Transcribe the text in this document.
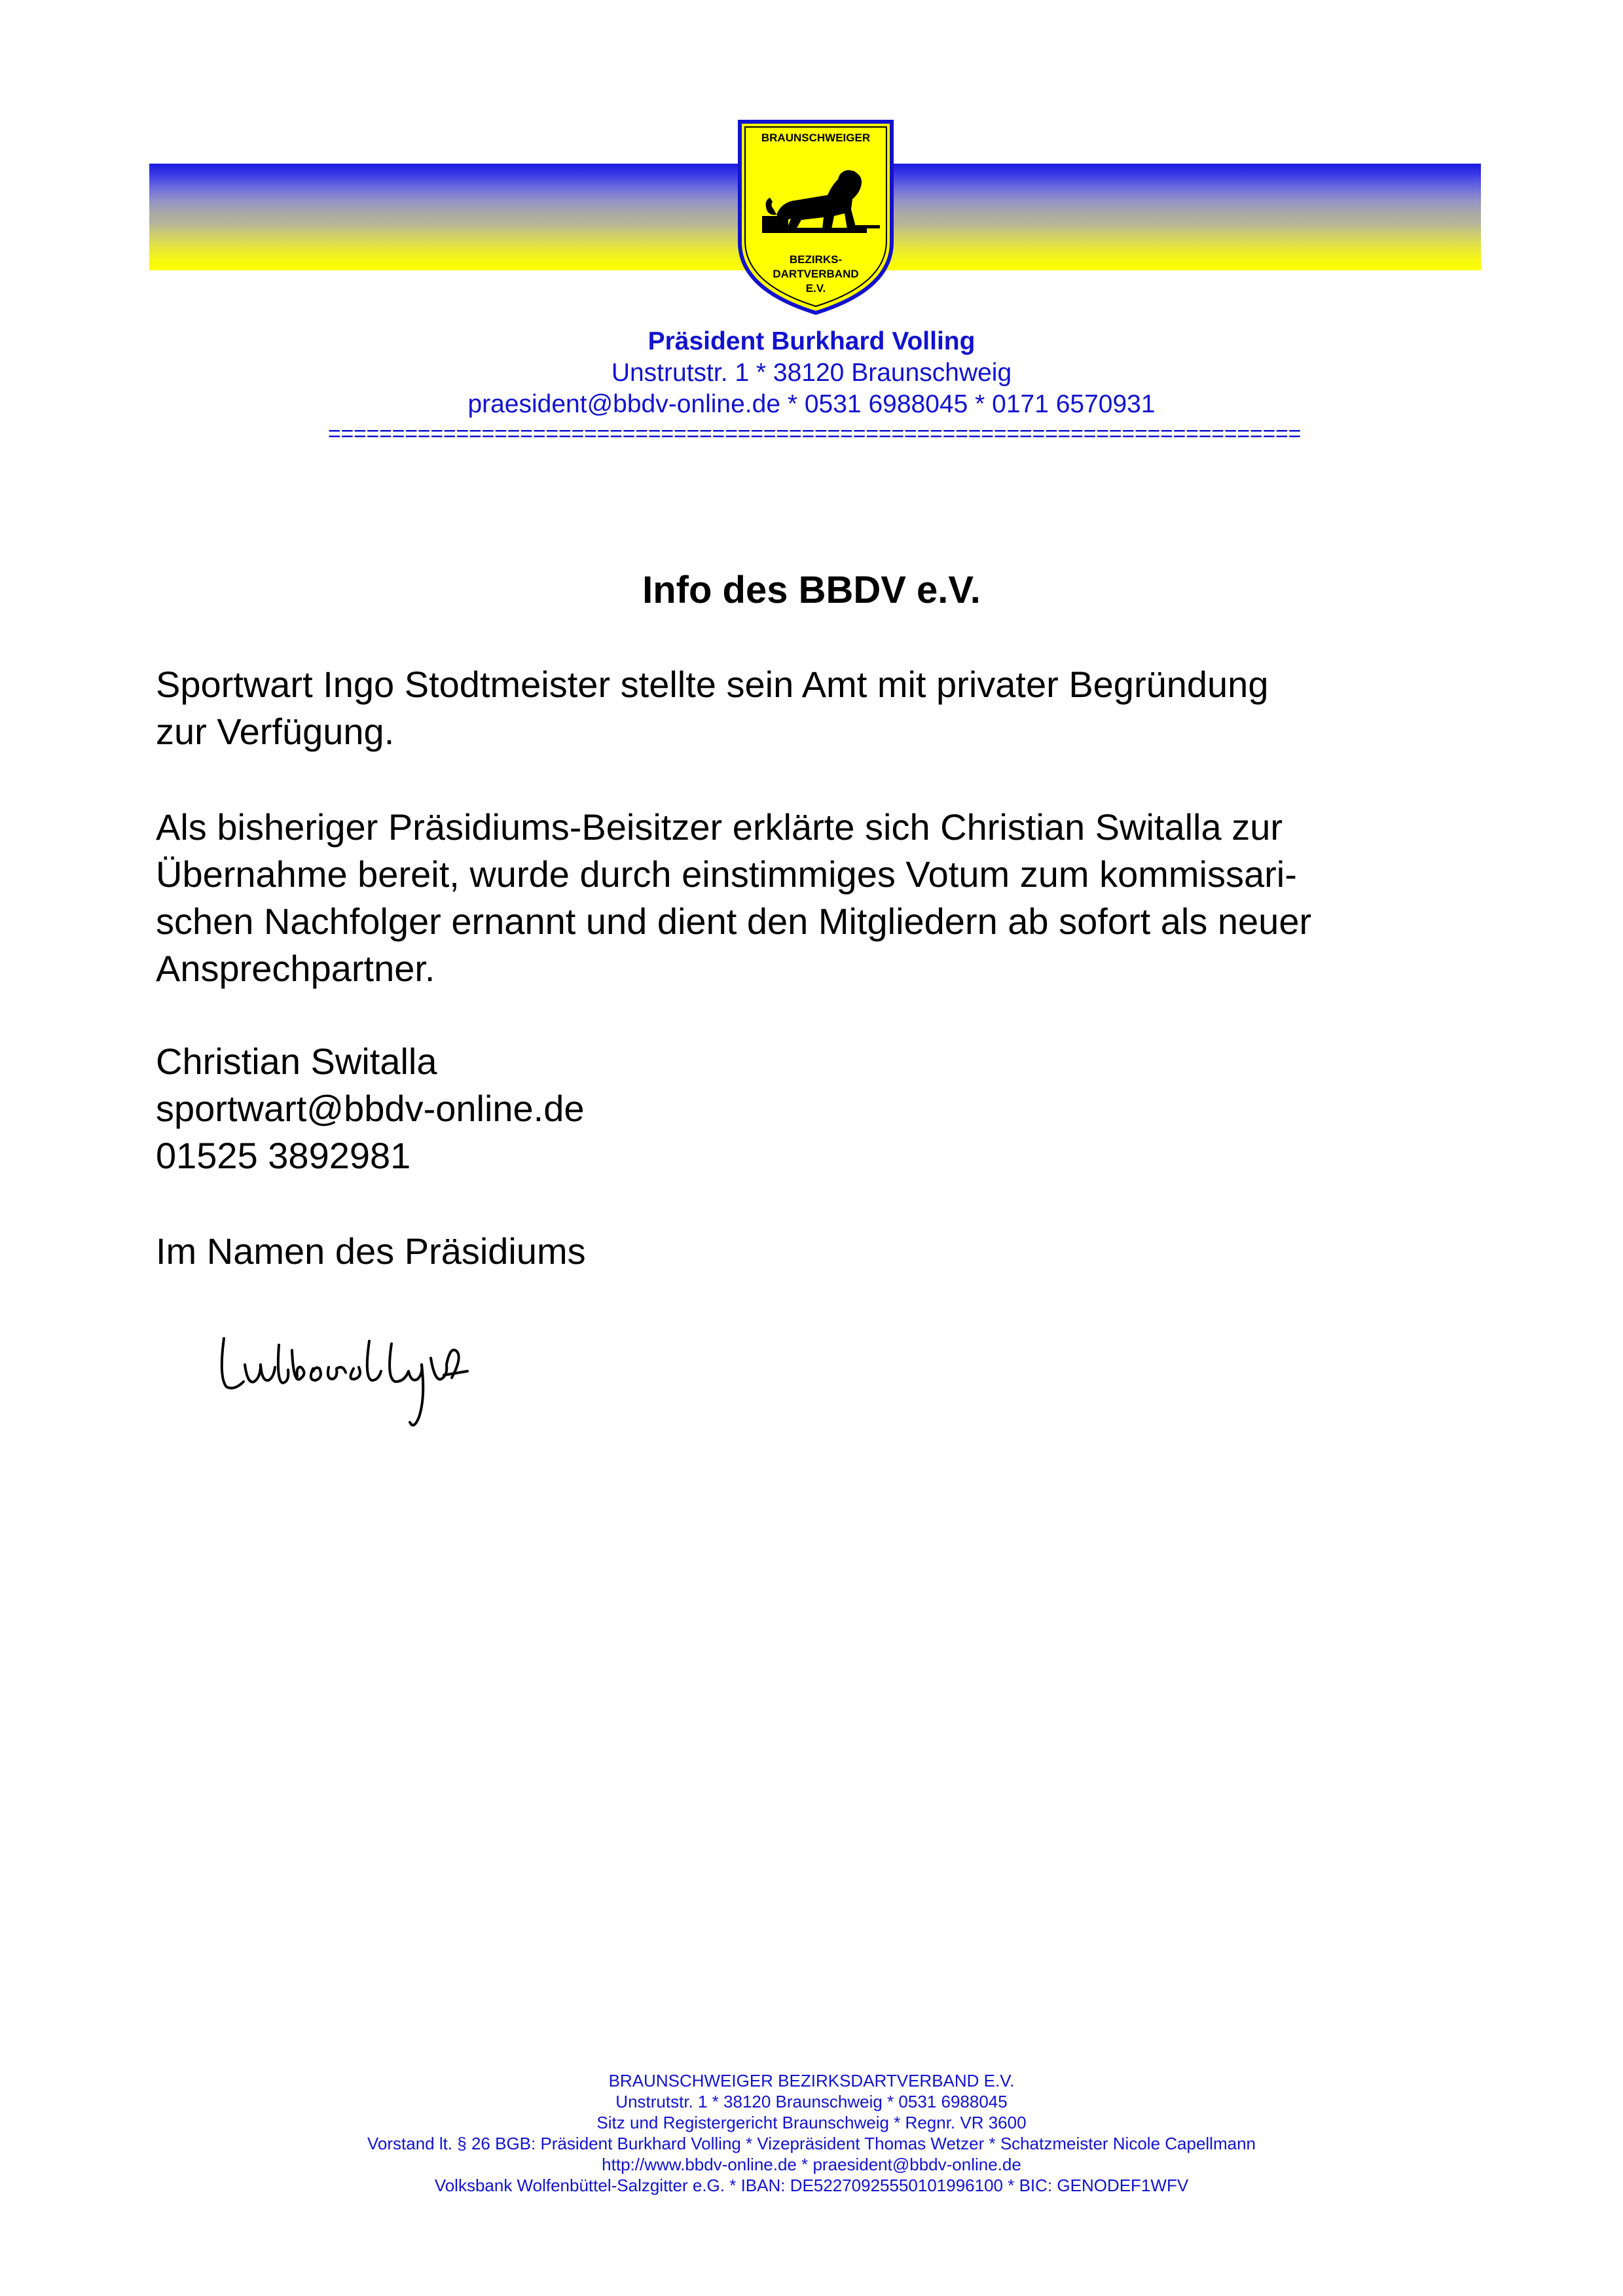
BRAUNSCHWEIGER
BEZIRKS-
DARTVERBAND
E.V.
Präsident Burkhard Volling
Unstrutstr. 1 * 38120 Braunschweig
praesident@bbdv-online.de * 0531 6988045 * 0171 6570931
============================================================================
Info des BBDV e.V.
Sportwart Ingo Stodtmeister stellte sein Amt mit privater Begründung
zur Verfügung.
Als bisheriger Präsidiums-Beisitzer erklärte sich Christian Switalla zur
Übernahme bereit, wurde durch einstimmiges Votum zum kommissari-
schen Nachfolger ernannt und dient den Mitgliedern ab sofort als neuer
Ansprechpartner.
Christian Switalla
sportwart@bbdv-online.de
01525 3892981
Im Namen des Präsidiums
BRAUNSCHWEIGER BEZIRKSDARTVERBAND E.V.
Unstrutstr. 1 * 38120 Braunschweig * 0531 6988045
Sitz und Registergericht Braunschweig * Regnr. VR 3600
Vorstand lt. § 26 BGB: Präsident Burkhard Volling * Vizepräsident Thomas Wetzer * Schatzmeister Nicole Capellmann
http://www.bbdv-online.de * praesident@bbdv-online.de
Volksbank Wolfenbüttel-Salzgitter e.G. * IBAN: DE52270925550101996100 * BIC: GENODEF1WFV
